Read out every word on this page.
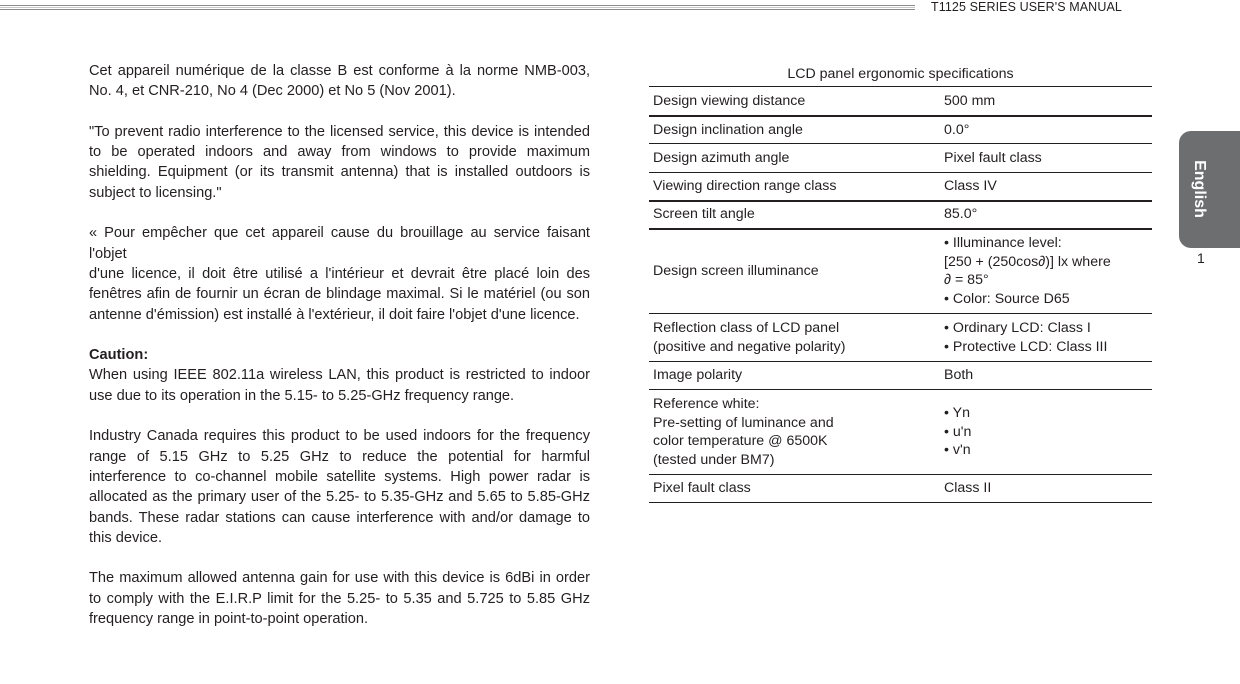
T1125 SERIES USER'S MANUAL

Cet appareil numérique de la classe B est conforme à la norme NMB-003, No. 4, et CNR-210, No 4 (Dec 2000) et No 5 (Nov 2001).

"To prevent radio interference to the licensed service, this device is intended to be operated indoors and away from windows to provide maximum shielding. Equipment (or its transmit antenna) that is installed outdoors is subject to licensing."

« Pour empêcher que cet appareil cause du brouillage au service faisant l'objet
d'une licence, il doit être utilisé a l'intérieur et devrait être placé loin des fenêtres afin de fournir un écran de blindage maximal. Si le matériel (ou son antenne d'émission) est installé à l'extérieur, il doit faire l'objet d'une licence.

Caution:
When using IEEE 802.11a wireless LAN, this product is restricted to indoor use due to its operation in the 5.15- to 5.25-GHz frequency range.

Industry Canada requires this product to be used indoors for the frequency range of 5.15 GHz to 5.25 GHz to reduce the potential for harmful interference to co-channel mobile satellite systems. High power radar is allocated as the primary user of the 5.25- to 5.35-GHz and 5.65 to 5.85-GHz bands. These radar stations can cause interference with and/or damage to this device.

The maximum allowed antenna gain for use with this device is 6dBi in order to comply with the E.I.R.P limit for the 5.25- to 5.35 and 5.725 to 5.85 GHz frequency range in point-to-point operation.

LCD panel ergonomic specifications
Design viewing distance	500 mm

Design inclination angle	0.0°

Design azimuth angle	Pixel fault class

Viewing direction range class	Class IV

Screen tilt angle	85.0°

Design screen illuminance	• Illuminance level:
[250 + (250cos∂)] lx where
∂ = 85°
• Color: Source D65

Reflection class of LCD panel
(positive and negative polarity)	• Ordinary LCD: Class I
• Protective LCD: Class III

Image polarity	Both

Reference white:
Pre-setting of luminance and
color temperature @ 6500K
(tested under BM7)	• Yn
• u'n
• v'n

Pixel fault class	Class II
English
1
